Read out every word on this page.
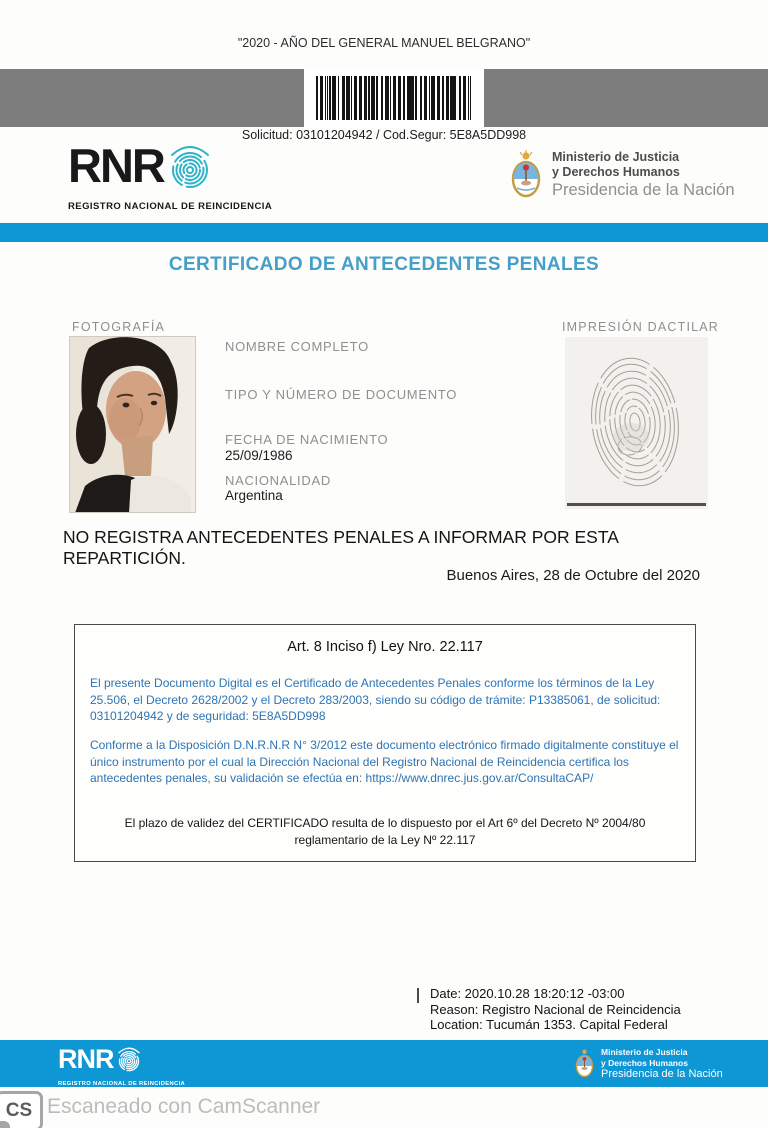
"2020 - AÑO DEL GENERAL MANUEL BELGRANO"
Solicitud: 03101204942 / Cod.Segur: 5E8A5DD998
RNR
REGISTRO NACIONAL DE REINCIDENCIA
Ministerio de Justicia
y Derechos Humanos
Presidencia de la Nación
CERTIFICADO DE ANTECEDENTES PENALES
FOTOGRAFÍA
NOMBRE COMPLETO
TIPO Y NÚMERO DE DOCUMENTO
FECHA DE NACIMIENTO
25/09/1986
NACIONALIDAD
Argentina
IMPRESIÓN DACTILAR
NO REGISTRA ANTECEDENTES PENALES A INFORMAR POR ESTA REPARTICIÓN.
Buenos Aires, 28 de Octubre del 2020
Art. 8 Inciso f) Ley Nro. 22.117
El presente Documento Digital es el Certificado de Antecedentes Penales conforme los términos de la Ley 25.506, el Decreto 2628/2002 y el Decreto 283/2003, siendo su código de trámite: P13385061, de solicitud: 03101204942 y de seguridad: 5E8A5DD998
Conforme a la Disposición D.N.R.N.R N° 3/2012 este documento electrónico firmado digitalmente constituye el único instrumento por el cual la Dirección Nacional del Registro Nacional de Reincidencia certifica los antecedentes penales, su validación se efectúa en: https://www.dnrec.jus.gov.ar/ConsultaCAP/
El plazo de validez del CERTIFICADO resulta de lo dispuesto por el Art 6º del Decreto Nº 2004/80 reglamentario de la Ley Nº 22.117
Date: 2020.10.28 18:20:12 -03:00
Reason: Registro Nacional de Reincidencia
Location: Tucumán 1353. Capital Federal
RNR
REGISTRO NACIONAL DE REINCIDENCIA
Ministerio de Justicia
y Derechos Humanos
Presidencia de la Nación
CS Escaneado con CamScanner
